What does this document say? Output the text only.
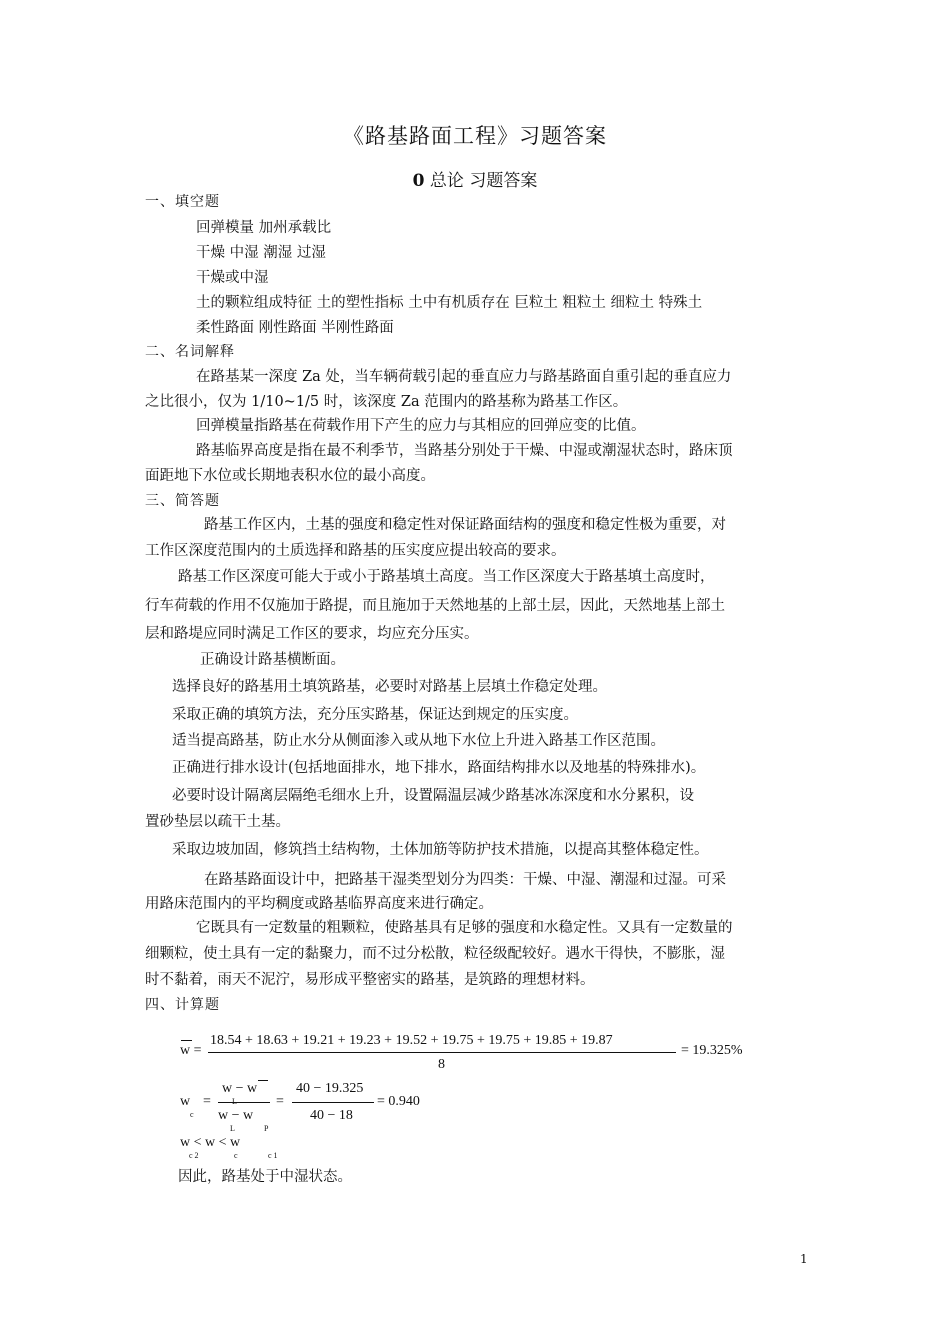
《路基路面工程》习题答案
0 总论 习题答案
一、填空题
回弹模量 加州承载比
干燥 中湿 潮湿 过湿
干燥或中湿
土的颗粒组成特征 土的塑性指标 土中有机质存在 巨粒土 粗粒土 细粒土 特殊土
柔性路面 刚性路面 半刚性路面
二、名词解释
在路基某一深度 Za 处，当车辆荷载引起的垂直应力与路基路面自重引起的垂直应力
之比很小，仅为 1/10~1/5 时，该深度 Za 范围内的路基称为路基工作区。
回弹模量指路基在荷载作用下产生的应力与其相应的回弹应变的比值。
路基临界高度是指在最不利季节，当路基分别处于干燥、中湿或潮湿状态时，路床顶
面距地下水位或长期地表积水位的最小高度。
三、简答题
路基工作区内，土基的强度和稳定性对保证路面结构的强度和稳定性极为重要，对
工作区深度范围内的土质选择和路基的压实度应提出较高的要求。
路基工作区深度可能大于或小于路基填土高度。当工作区深度大于路基填土高度时，
行车荷载的作用不仅施加于路提，而且施加于天然地基的上部土层，因此，天然地基上部土
层和路堤应同时满足工作区的要求，均应充分压实。
正确设计路基横断面。
选择良好的路基用土填筑路基，必要时对路基上层填土作稳定处理。
采取正确的填筑方法，充分压实路基，保证达到规定的压实度。
适当提高路基，防止水分从侧面渗入或从地下水位上升进入路基工作区范围。
正确进行排水设计(包括地面排水，地下排水，路面结构排水以及地基的特殊排水)。
必要时设计隔离层隔绝毛细水上升，设置隔温层减少路基冰冻深度和水分累积，设
置砂垫层以疏干土基。
采取边坡加固，修筑挡土结构物，土体加筋等防护技术措施，以提高其整体稳定性。
在路基路面设计中，把路基干湿类型划分为四类：干燥、中湿、潮湿和过湿。可采
用路床范围内的平均稠度或路基临界高度来进行确定。
它既具有一定数量的粗颗粒，使路基具有足够的强度和水稳定性。又具有一定数量的
细颗粒，使土具有一定的黏聚力，而不过分松散，粒径级配较好。遇水干得快，不膨胀，湿
时不黏着，雨天不泥泞，易形成平整密实的路基，是筑路的理想材料。
四、计算题
w =
18.54 + 18.63 + 19.21 + 19.23 + 19.52 + 19.75 + 19.75 + 19.85 + 19.87
8
= 19.325%
w
c
=
w − w
w − w
L	P
=
40 − 19.325
40 − 18
= 0.940
w < w < w
c 2	c	c 1
因此，路基处于中湿状态。
1
